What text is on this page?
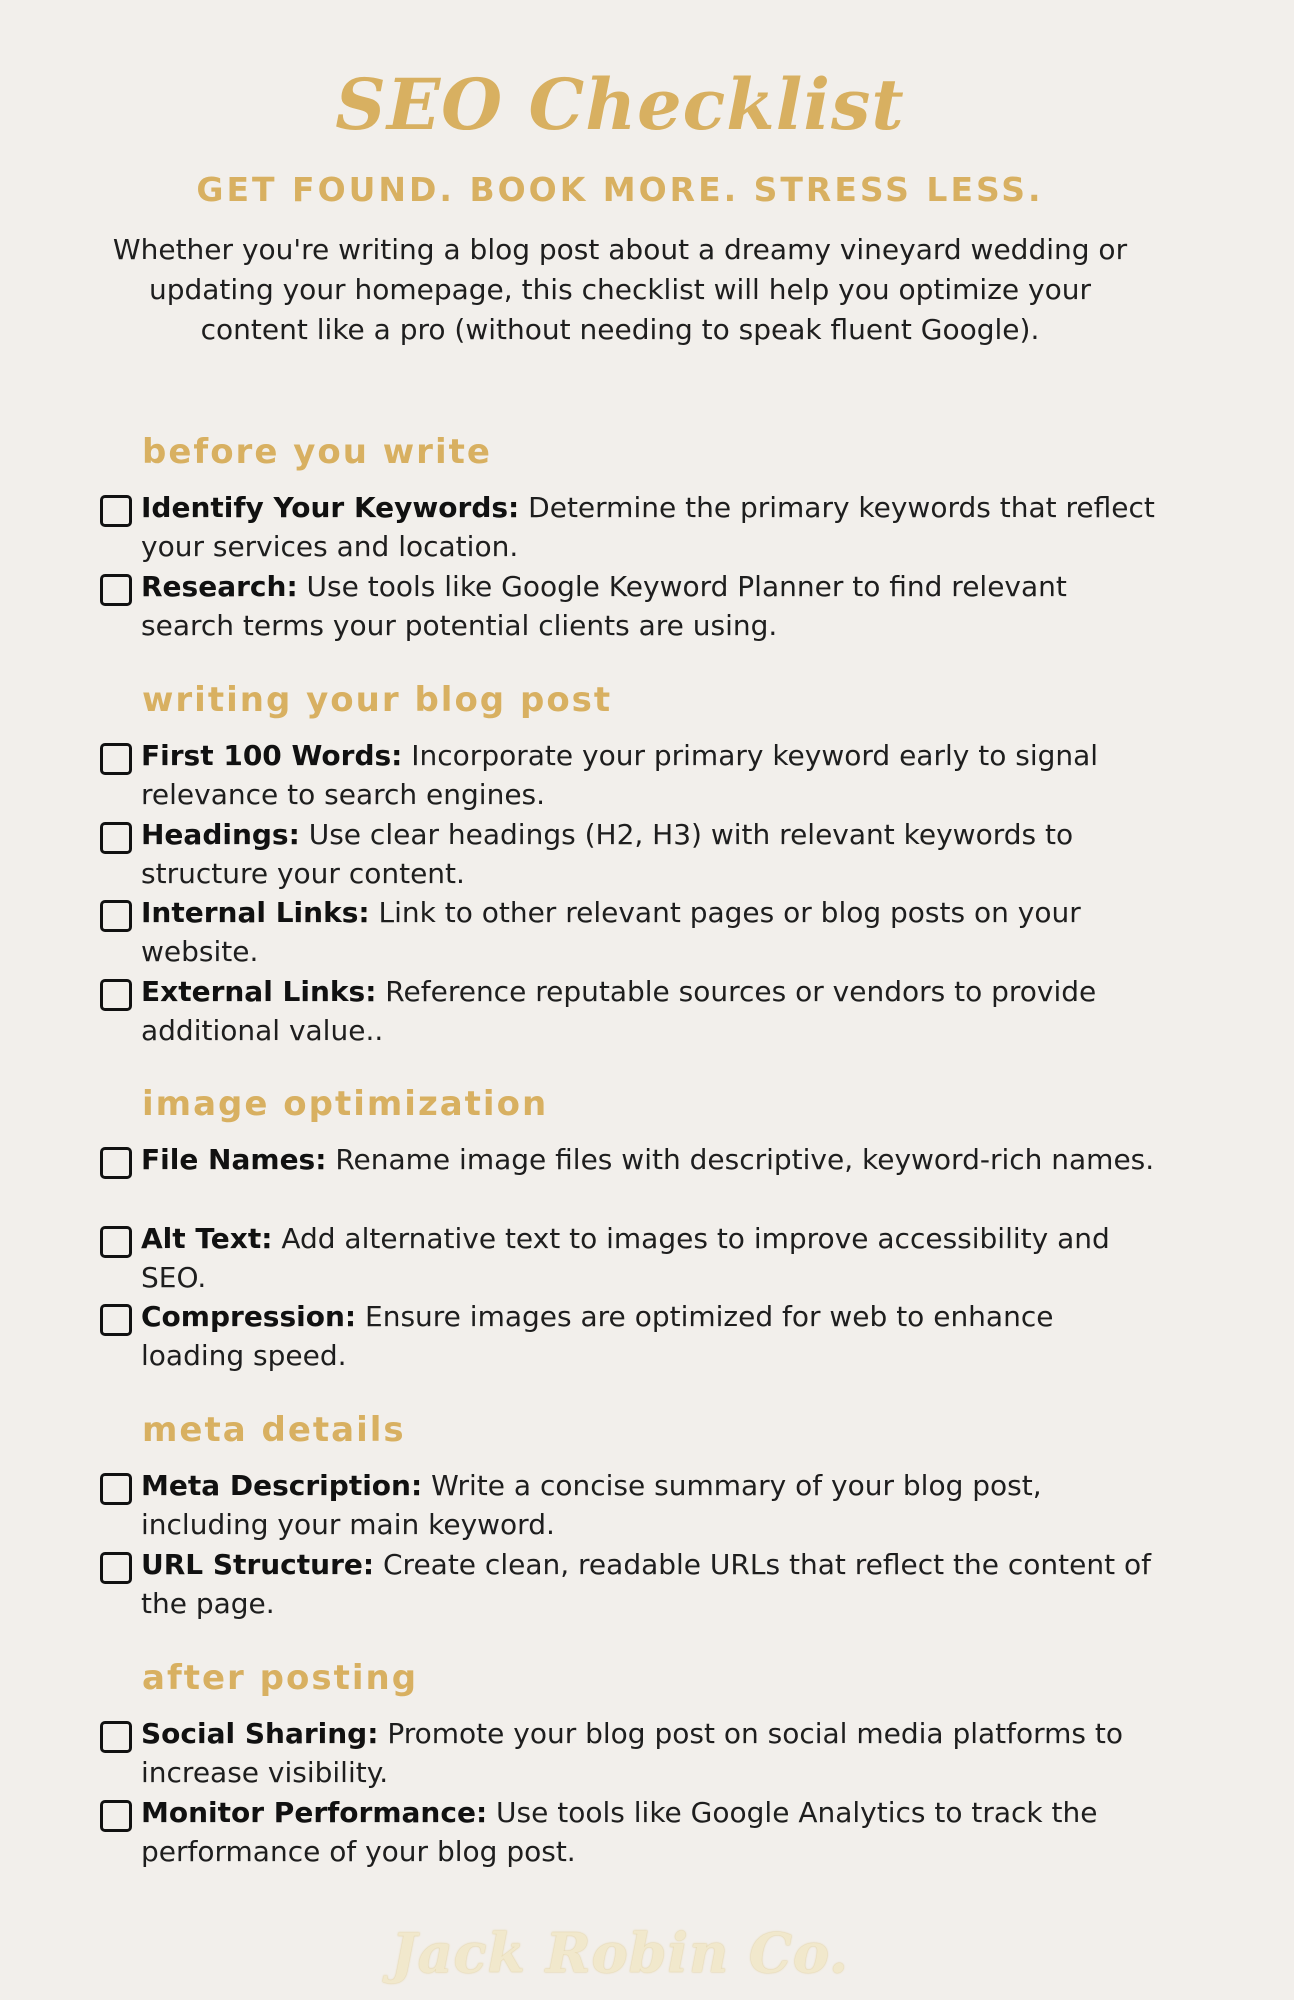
SEO Checklist
GET FOUND. BOOK MORE. STRESS LESS.

Whether you're writing a blog post about a dreamy vineyard wedding or updating your homepage, this checklist will help you optimize your content like a pro (without needing to speak fluent Google).

before you write

Identify Your Keywords: Determine the primary keywords that reflect your services and location.

Research: Use tools like Google Keyword Planner to find relevant search terms your potential clients are using.

writing your blog post

First 100 Words: Incorporate your primary keyword early to signal relevance to search engines.

Headings: Use clear headings (H2, H3) with relevant keywords to structure your content.

Internal Links: Link to other relevant pages or blog posts on your website.

External Links: Reference reputable sources or vendors to provide additional value..

image optimization

File Names: Rename image files with descriptive, keyword-rich names.

Alt Text: Add alternative text to images to improve accessibility and SEO.

Compression: Ensure images are optimized for web to enhance loading speed.

meta details

Meta Description: Write a concise summary of your blog post, including your main keyword.

URL Structure: Create clean, readable URLs that reflect the content of the page.

after posting

Social Sharing: Promote your blog post on social media platforms to increase visibility.

Monitor Performance: Use tools like Google Analytics to track the performance of your blog post.

Jack Robin Co.
